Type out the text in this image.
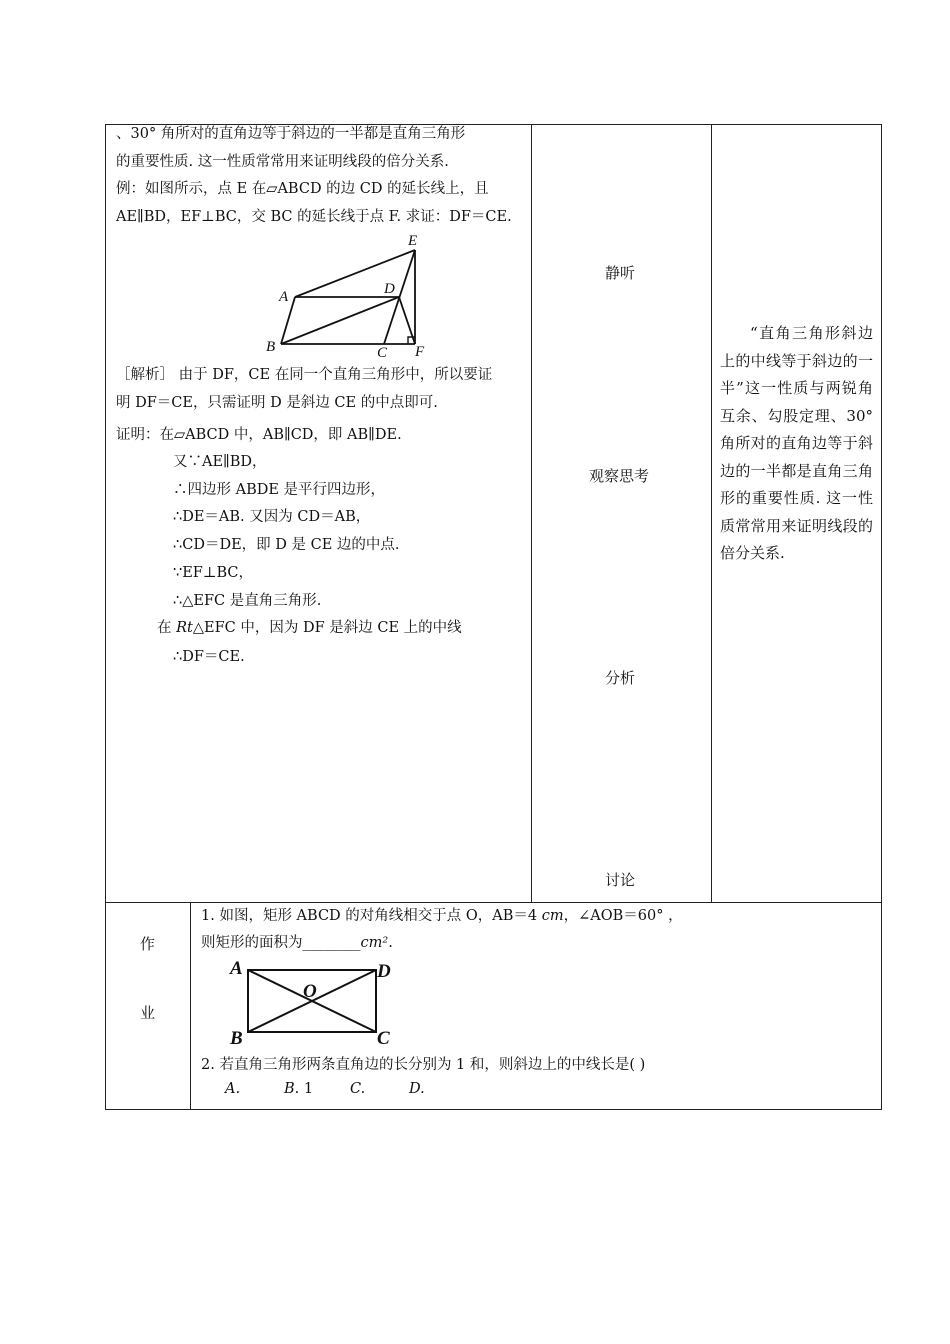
、30° 角所对的直角边等于斜边的一半都是直角三角形
的重要性质. 这一性质常常用来证明线段的倍分关系.
例：如图所示，点 E 在▱ABCD 的边 CD 的延长线上，且
AE∥BD，EF⊥BC，交 BC 的延长线于点 F. 求证：DF＝CE.
A
B	C
D
E
F
［解析］ 由于 DF，CE 在同一个直角三角形中，所以要证
明 DF＝CE，只需证明 D 是斜边 CE 的中点即可.
证明：在▱ABCD 中，AB∥CD，即 AB∥DE.
又∵AE∥BD，
∴四边形 ABDE 是平行四边形，
∴DE＝AB. 又因为 CD＝AB，
∴CD＝DE，即 D 是 CE 边的中点.
∵EF⊥BC，
∴△EFC 是直角三角形.
在 Rt△EFC 中，因为 DF 是斜边 CE 上的中线
∴DF＝CE.
静听
观察思考
分析
讨论
“直角三角形斜边上的中线等于斜边的一半”这一性质与两锐角互余、勾股定理、30° 角所对的直角边等于斜边的一半都是直角三角形的重要性质. 这一性质常常用来证明线段的倍分关系.
作
业
1. 如图，矩形 ABCD 的对角线相交于点 O，AB＝4 cm，∠AOB＝60° ，
则矩形的面积为________cm².
A	D
B	C
O
2. 若直角三角形两条直角边的长分别为 1 和，则斜边上的中线长是( )
A.	B. 1	C.	D.
